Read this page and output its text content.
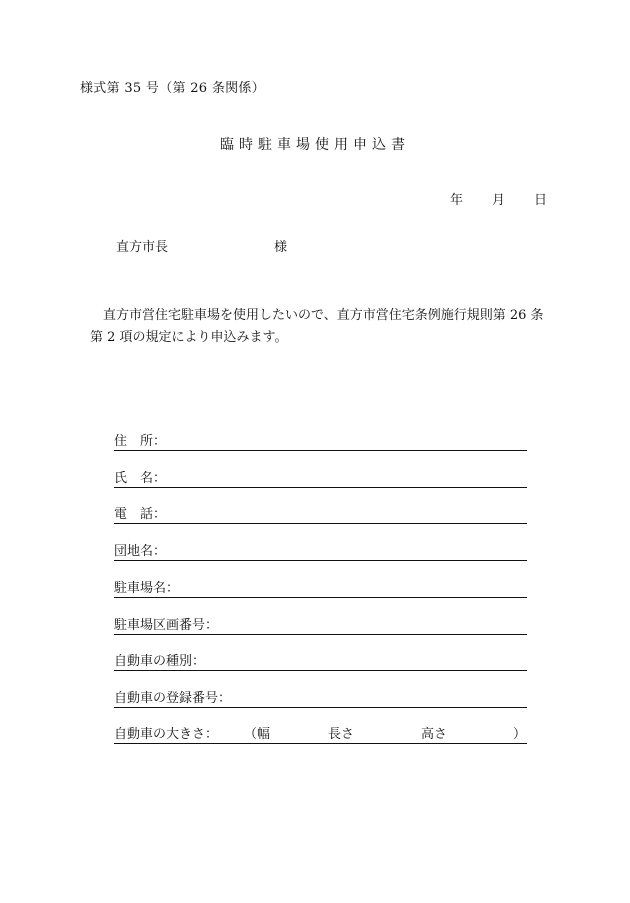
様式第 35 号（第 26 条関係）
臨時駐車場使用申込書
年 月 日
直方市長	様
直方市営住宅駐車場を使用したいので、直方市営住宅条例施行規則第 26 条
第 2 項の規定により申込みます。
住　所：
氏　名：
電　話：
団地名：
駐車場名：
駐車場区画番号：
自動車の種別：
自動車の登録番号：
自動車の大きさ： （幅	長さ	高さ	）
